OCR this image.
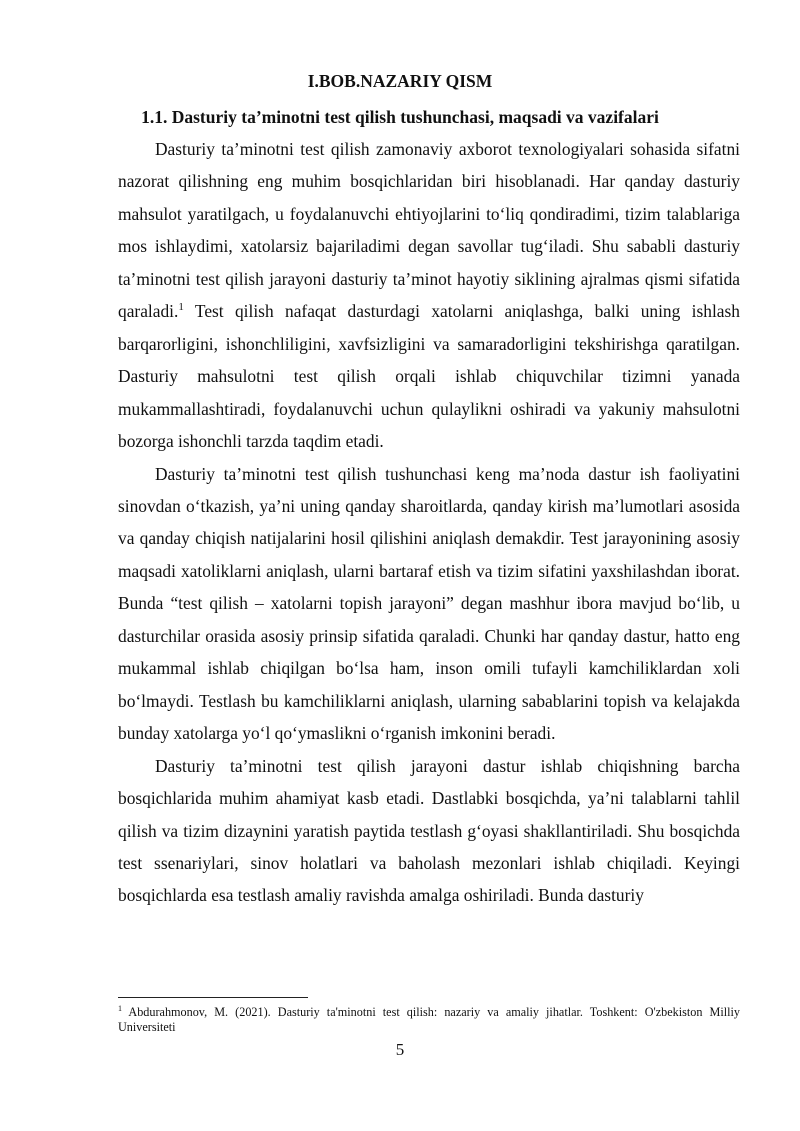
I.BOB.NAZARIY QISM
1.1. Dasturiy ta’minotni test qilish tushunchasi, maqsadi va vazifalari

Dasturiy ta’minotni test qilish zamonaviy axborot texnologiyalari sohasida sifatni nazorat qilishning eng muhim bosqichlaridan biri hisoblanadi. Har qanday dasturiy mahsulot yaratilgach, u foydalanuvchi ehtiyojlarini to‘liq qondiradimi, tizim talablariga mos ishlaydimi, xatolarsiz bajariladimi degan savollar tug‘iladi. Shu sababli dasturiy ta’minotni test qilish jarayoni dasturiy ta’minot hayotiy siklining ajralmas qismi sifatida qaraladi.$^1$ Test qilish nafaqat dasturdagi xatolarni aniqlashga, balki uning ishlash barqarorligini, ishonchliligini, xavfsizligini va samaradorligini tekshirishga qaratilgan. Dasturiy mahsulotni test qilish orqali ishlab chiquvchilar tizimni yanada mukammallashtiradi, foydalanuvchi uchun qulaylikni oshiradi va yakuniy mahsulotni bozorga ishonchli tarzda taqdim etadi.

Dasturiy ta’minotni test qilish tushunchasi keng ma’noda dastur ish faoliyatini sinovdan o‘tkazish, ya’ni uning qanday sharoitlarda, qanday kirish ma’lumotlari asosida va qanday chiqish natijalarini hosil qilishini aniqlash demakdir. Test jarayonining asosiy maqsadi xatoliklarni aniqlash, ularni bartaraf etish va tizim sifatini yaxshilashdan iborat. Bunda “test qilish – xatolarni topish jarayoni” degan mashhur ibora mavjud bo‘lib, u dasturchilar orasida asosiy prinsip sifatida qaraladi. Chunki har qanday dastur, hatto eng mukammal ishlab chiqilgan bo‘lsa ham, inson omili tufayli kamchiliklardan xoli bo‘lmaydi. Testlash bu kamchiliklarni aniqlash, ularning sabablarini topish va kelajakda bunday xatolarga yo‘l qo‘ymaslikni o‘rganish imkonini beradi.

Dasturiy ta’minotni test qilish jarayoni dastur ishlab chiqishning barcha bosqichlarida muhim ahamiyat kasb etadi. Dastlabki bosqichda, ya’ni talablarni tahlil qilish va tizim dizaynini yaratish paytida testlash g‘oyasi shakllantiriladi. Shu bosqichda test ssenariylari, sinov holatlari va baholash mezonlari ishlab chiqiladi. Keyingi bosqichlarda esa testlash amaliy ravishda amalga oshiriladi. Bunda dasturiy

$^1$ Abdurahmonov, M. (2021). Dasturiy ta'minotni test qilish: nazariy va amaliy jihatlar. Toshkent: O'zbekiston Milliy Universiteti
5
